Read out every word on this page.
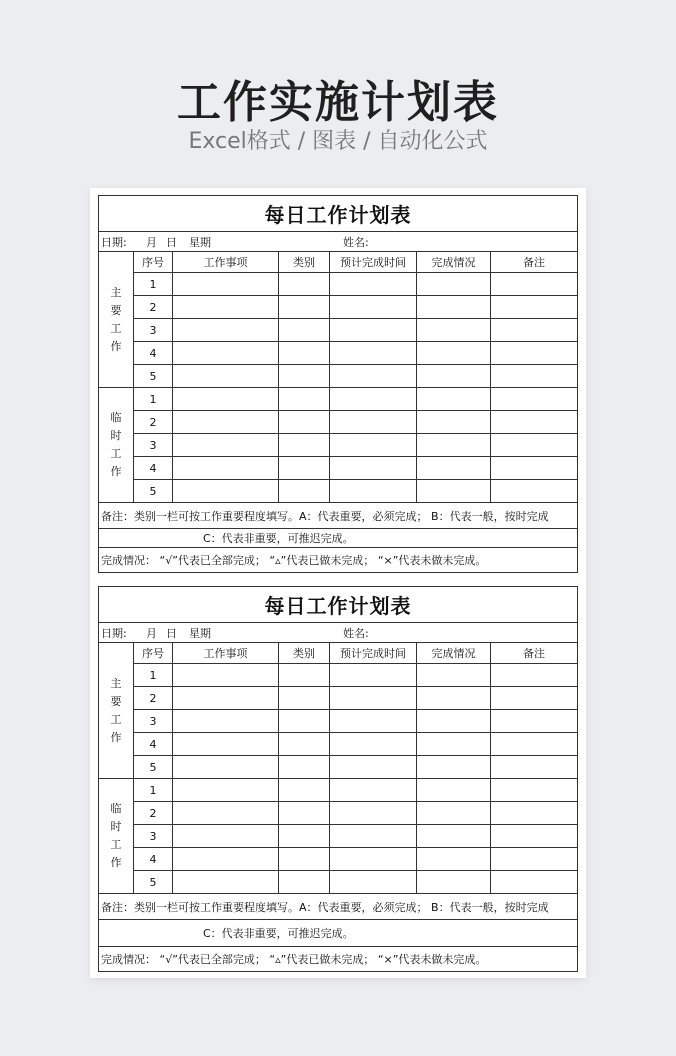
工作实施计划表
Excel格式 / 图表 / 自动化公式
每日工作计划表						

日期: 月 日 星期 姓名:						

主
要
工
作	序号	工作事项	类别	预计完成时间	完成情况	备注
	1					
	2					
	3					
	4					
	5					

临
时
工
作	1					
	2					
	3					
	4					
	5					
备注：类别一栏可按工作重要程度填写。A：代表重要，必须完成； B：代表一般，按时完成						
C：代表非重要，可推迟完成。						
完成情况： “√”代表已全部完成； “▵”代表已做未完成； “×”代表未做未完成。						
每日工作计划表						

日期: 月 日 星期 姓名:						

主
要
工
作	序号	工作事项	类别	预计完成时间	完成情况	备注
	1					
	2					
	3					
	4					
	5					

临
时
工
作	1					
	2					
	3					
	4					
	5					
备注：类别一栏可按工作重要程度填写。A：代表重要，必须完成； B：代表一般，按时完成						
C：代表非重要，可推迟完成。						
完成情况： “√”代表已全部完成； “▵”代表已做未完成； “×”代表未做未完成。						
